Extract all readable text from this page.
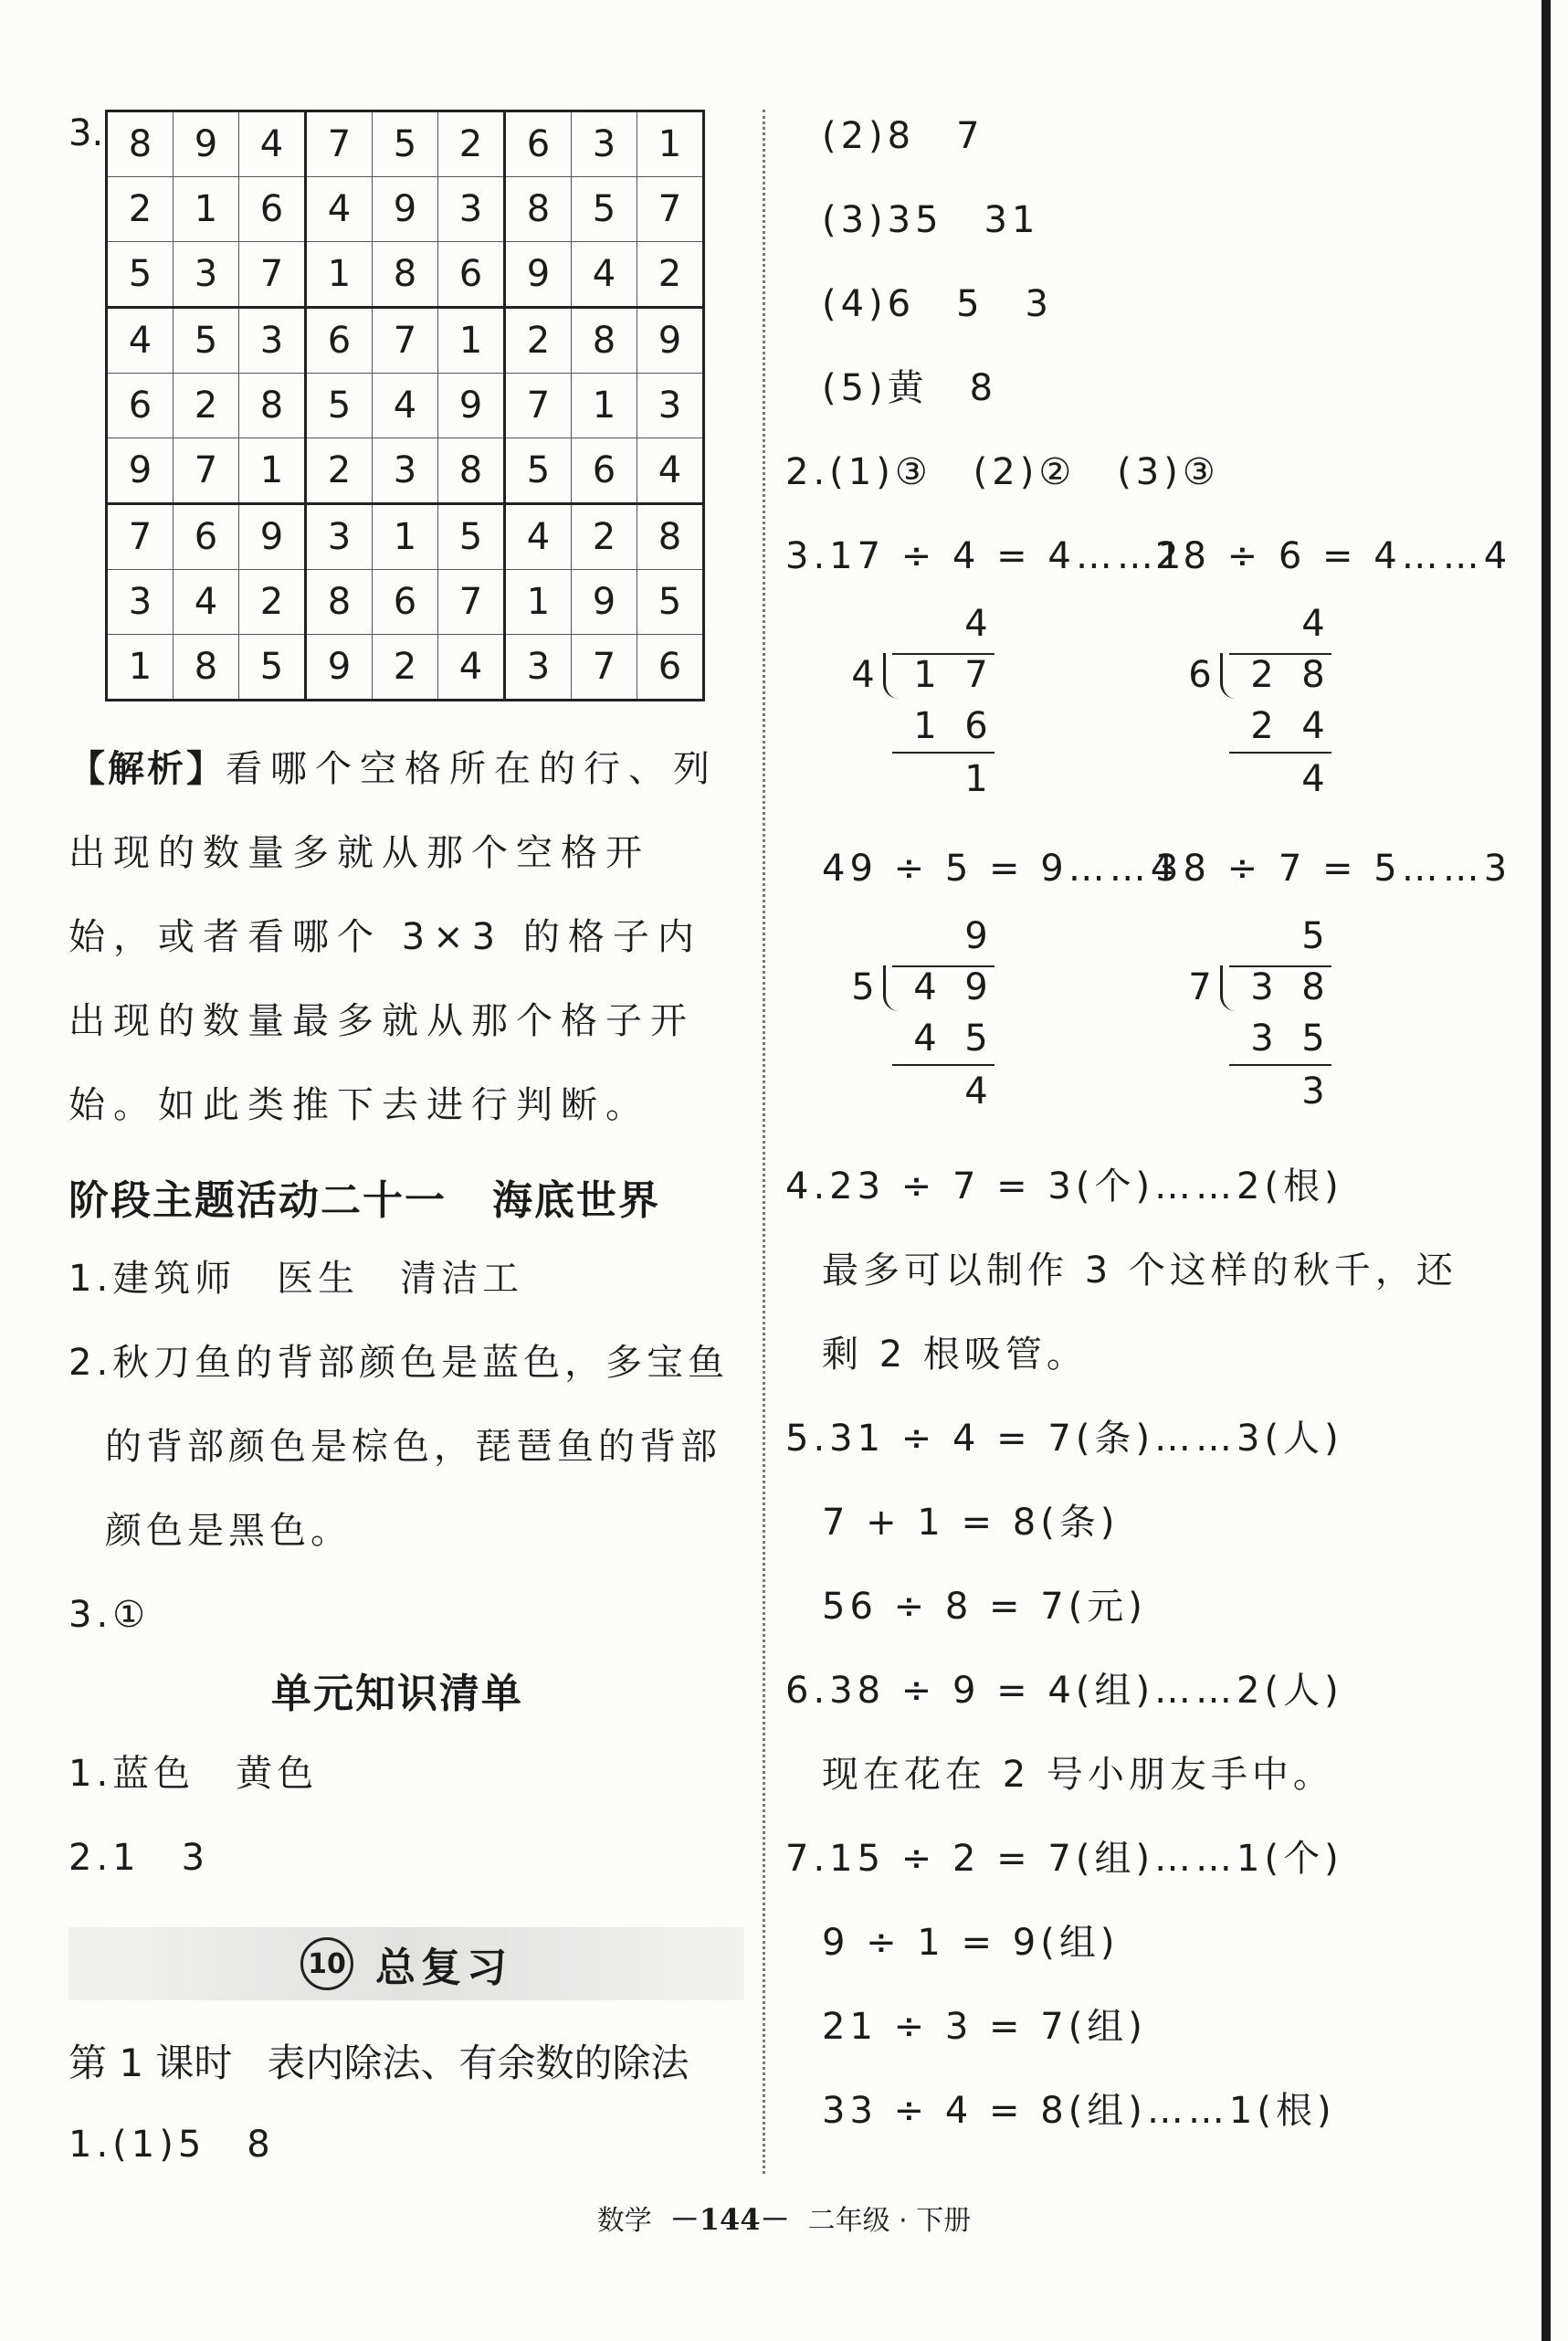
3. 8	9	4	7	5	2	6	3	1
2	1	6	4	9	3	8	5	7
5	3	7	1	8	6	9	4	2
4	5	3	6	7	1	2	8	9
6	2	8	5	4	9	7	1	3
9	7	1	2	3	8	5	6	4
7	6	9	3	1	5	4	2	8
3	4	2	8	6	7	1	9	5
1	8	5	9	2	4	3	7	6
【解析】看哪个空格所在的行、列出现的数量多就从那个空格开始，或者看哪个 3×3 的格子内出现的数量最多就从那个格子开始。如此类推下去进行判断。
阶段主题活动二十一 海底世界
1.建筑师　医生　清洁工
2.秋刀鱼的背部颜色是蓝色，多宝鱼
的背部颜色是棕色，琵琶鱼的背部
颜色是黑色。
3.①
单元知识清单
1.蓝色　黄色
2.1　3
10 总复习
第 1 课时 表内除法、有余数的除法
1.(1)5　8
(2)8　7
(3)35　31
(4)6　5　3
(5)黄　8
2.(1)③　(2)②　(3)③
3.17 ÷ 4 = 4……1
28 ÷ 6 = 4……4
4
4 1 7
1 6
1
4
6 2 8
2 4
4
49 ÷ 5 = 9……4
38 ÷ 7 = 5……3
9
5 4 9
4 5
4
5
7 3 8
3 5
3
4.23 ÷ 7 = 3(个)……2(根)
最多可以制作 3 个这样的秋千，还
剩 2 根吸管。
5.31 ÷ 4 = 7(条)……3(人)
7 + 1 = 8(条)
56 ÷ 8 = 7(元)
6.38 ÷ 9 = 4(组)……2(人)
现在花在 2 号小朋友手中。
7.15 ÷ 2 = 7(组)……1(个)
9 ÷ 1 = 9(组)
21 ÷ 3 = 7(组)
33 ÷ 4 = 8(组)……1(根)
数学 －144－ 二年级 · 下册
